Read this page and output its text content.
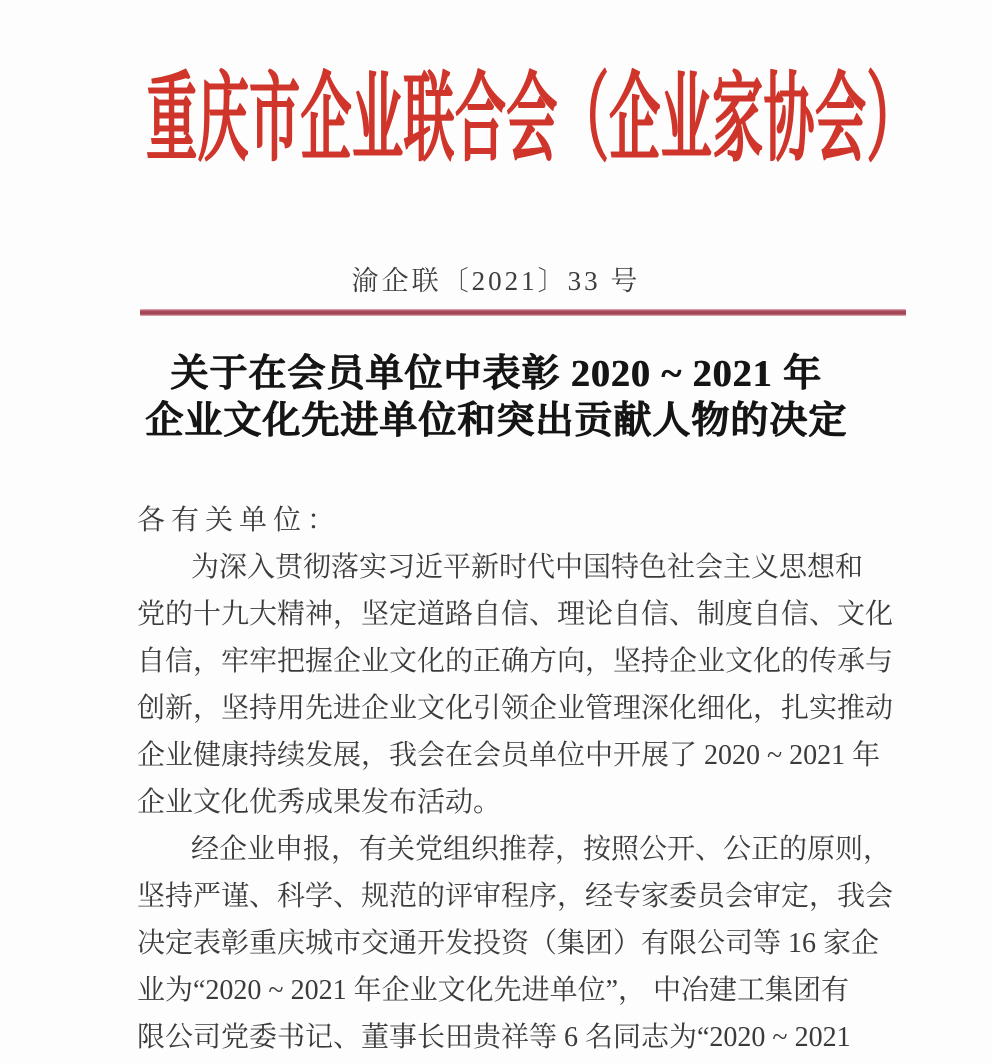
重庆市企业联合会（企业家协会）
渝企联〔2021〕33 号
关于在会员单位中表彰 2020 ~ 2021 年
企业文化先进单位和突出贡献人物的决定
各有关单位：
为深入贯彻落实习近平新时代中国特色社会主义思想和
党的十九大精神，坚定道路自信、理论自信、制度自信、文化
自信，牢牢把握企业文化的正确方向，坚持企业文化的传承与
创新，坚持用先进企业文化引领企业管理深化细化，扎实推动
企业健康持续发展，我会在会员单位中开展了 2020 ~ 2021 年
企业文化优秀成果发布活动。
经企业申报，有关党组织推荐，按照公开、公正的原则，
坚持严谨、科学、规范的评审程序，经专家委员会审定，我会
决定表彰重庆城市交通开发投资（集团）有限公司等 16 家企
业为“2020 ~ 2021 年企业文化先进单位”， 中冶建工集团有
限公司党委书记、董事长田贵祥等 6 名同志为“2020 ~ 2021
